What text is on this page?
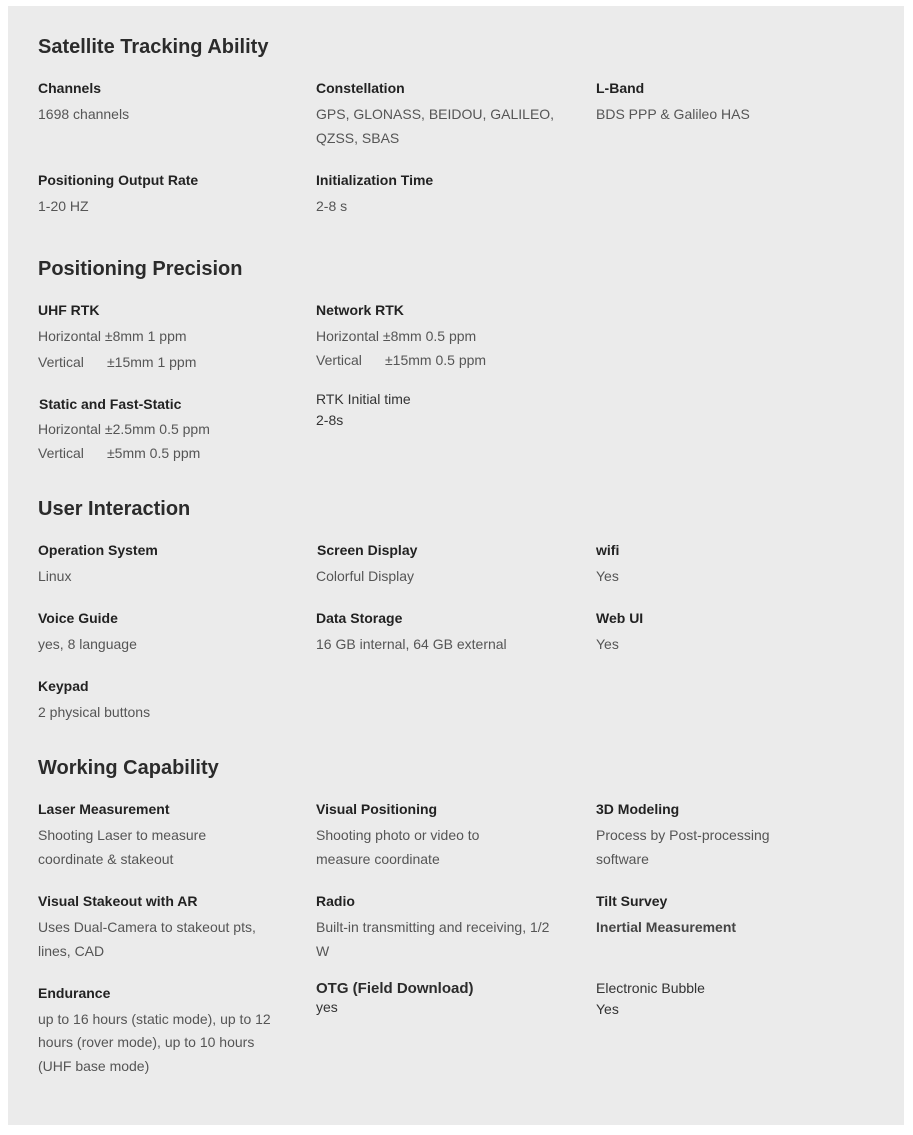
Satellite Tracking Ability
Channels
1698 channels
Constellation
GPS, GLONASS, BEIDOU, GALILEO,
QZSS, SBAS
L-Band
BDS PPP & Galileo HAS
Positioning Output Rate
1-20 HZ
Initialization Time
2-8 s
Positioning Precision
UHF RTK
Horizontal ±8mm 1 ppm
Vertical ±15mm 1 ppm
Network RTK
Horizontal ±8mm 0.5 ppm
Vertical ±15mm 0.5 ppm
Static and Fast-Static
Horizontal ±2.5mm 0.5 ppm
Vertical ±5mm 0.5 ppm
RTK Initial time
2-8s
User Interaction
Operation System
Linux
Screen Display
Colorful Display
wifi
Yes
Voice Guide
yes, 8 language
Data Storage
16 GB internal, 64 GB external
Web UI
Yes
Keypad
2 physical buttons
Working Capability
Laser Measurement
Shooting Laser to measure
coordinate & stakeout
Visual Positioning
Shooting photo or video to
measure coordinate
3D Modeling
Process by Post-processing
software
Visual Stakeout with AR
Uses Dual-Camera to stakeout pts,
lines, CAD
Radio
Built-in transmitting and receiving, 1/2
W
Tilt Survey
Inertial Measurement
Endurance
up to 16 hours (static mode), up to 12
hours (rover mode), up to 10 hours
(UHF base mode)
OTG (Field Download)
yes
Electronic Bubble
Yes
